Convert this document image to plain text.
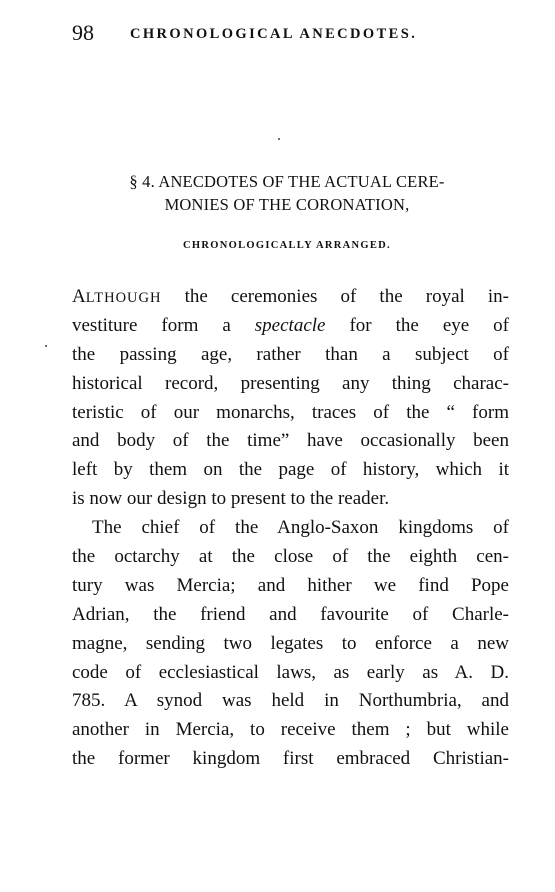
98 CHRONOLOGICAL ANECDOTES.
§ 4. ANECDOTES OF THE ACTUAL CERE-
MONIES OF THE CORONATION,
CHRONOLOGICALLY ARRANGED.
ALTHOUGH the ceremonies of the royal in-
vestiture form a spectacle for the eye of
the passing age, rather than a subject of
historical record, presenting any thing charac-
teristic of our monarchs, traces of the “ form
and body of the time” have occasionally been
left by them on the page of history, which it
is now our design to present to the reader.
The chief of the Anglo-Saxon kingdoms of
the octarchy at the close of the eighth cen-
tury was Mercia; and hither we find Pope
Adrian, the friend and favourite of Charle-
magne, sending two legates to enforce a new
code of ecclesiastical laws, as early as A. D.
785. A synod was held in Northumbria, and
another in Mercia, to receive them ; but while
the former kingdom first embraced Christian-
